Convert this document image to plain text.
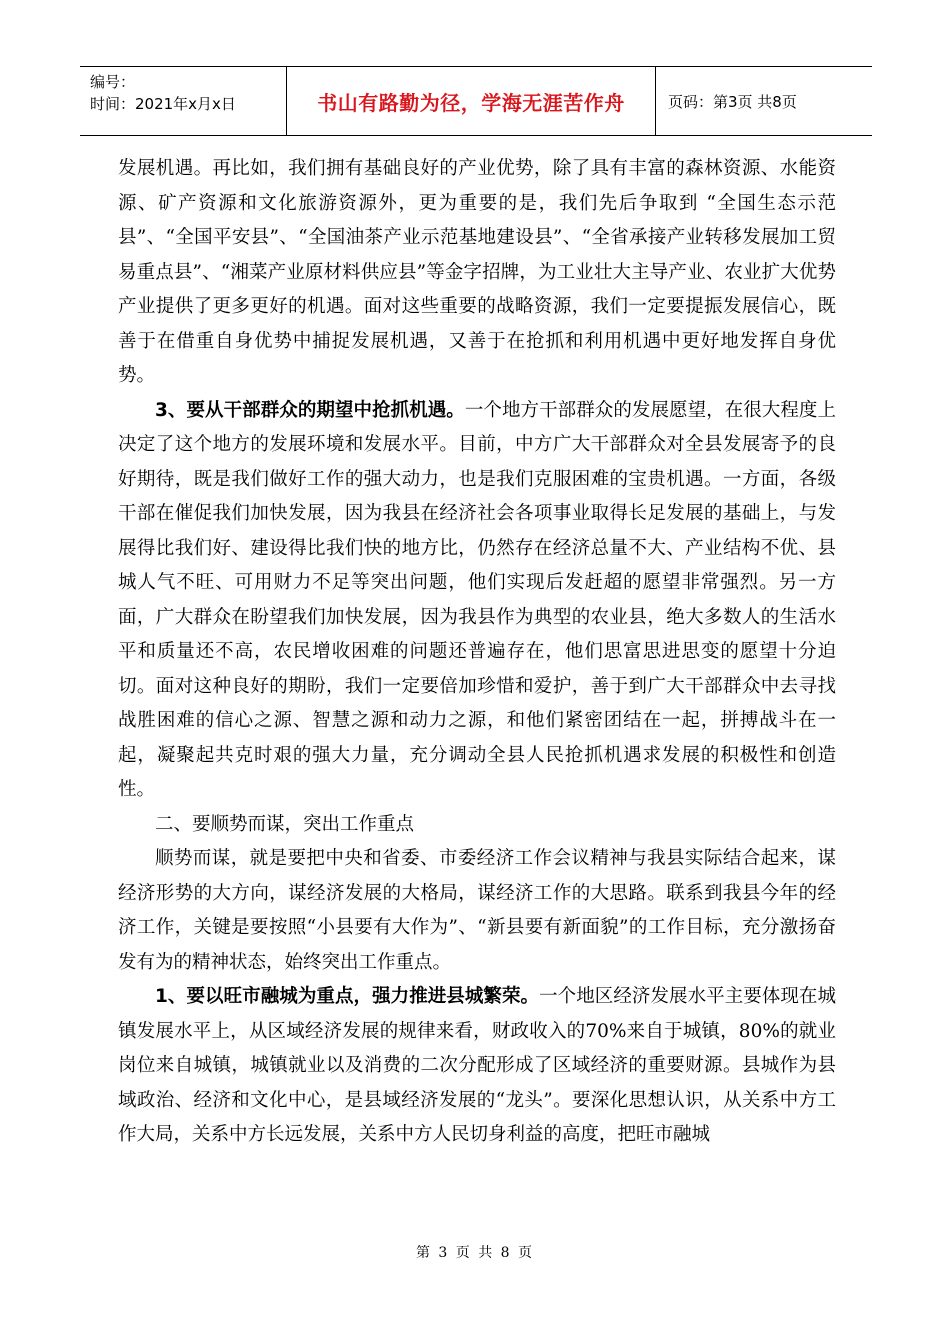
编号：
时间：2021年x月x日	书山有路勤为径，学海无涯苦作舟	页码：第3页 共8页

发展机遇。再比如，我们拥有基础良好的产业优势，除了具有丰富的森林资源、水能资源、矿产资源和文化旅游资源外，更为重要的是，我们先后争取到 “全国生态示范县”、“全国平安县”、“全国油茶产业示范基地建设县”、“全省承接产业转移发展加工贸易重点县”、“湘菜产业原材料供应县”等金字招牌，为工业壮大主导产业、农业扩大优势产业提供了更多更好的机遇。面对这些重要的战略资源，我们一定要提振发展信心，既善于在借重自身优势中捕捉发展机遇，又善于在抢抓和利用机遇中更好地发挥自身优势。

3、要从干部群众的期望中抢抓机遇。一个地方干部群众的发展愿望，在很大程度上决定了这个地方的发展环境和发展水平。目前，中方广大干部群众对全县发展寄予的良好期待，既是我们做好工作的强大动力，也是我们克服困难的宝贵机遇。一方面，各级干部在催促我们加快发展，因为我县在经济社会各项事业取得长足发展的基础上，与发展得比我们好、建设得比我们快的地方比，仍然存在经济总量不大、产业结构不优、县城人气不旺、可用财力不足等突出问题，他们实现后发赶超的愿望非常强烈。另一方面，广大群众在盼望我们加快发展，因为我县作为典型的农业县，绝大多数人的生活水平和质量还不高，农民增收困难的问题还普遍存在，他们思富思进思变的愿望十分迫切。面对这种良好的期盼，我们一定要倍加珍惜和爱护，善于到广大干部群众中去寻找战胜困难的信心之源、智慧之源和动力之源，和他们紧密团结在一起，拼搏战斗在一起，凝聚起共克时艰的强大力量，充分调动全县人民抢抓机遇求发展的积极性和创造性。

二、要顺势而谋，突出工作重点

顺势而谋，就是要把中央和省委、市委经济工作会议精神与我县实际结合起来，谋经济形势的大方向，谋经济发展的大格局，谋经济工作的大思路。联系到我县今年的经济工作，关键是要按照“小县要有大作为”、“新县要有新面貌”的工作目标，充分激扬奋发有为的精神状态，始终突出工作重点。

1、要以旺市融城为重点，强力推进县城繁荣。一个地区经济发展水平主要体现在城镇发展水平上，从区域经济发展的规律来看，财政收入的70%来自于城镇，80%的就业岗位来自城镇，城镇就业以及消费的二次分配形成了区域经济的重要财源。县城作为县域政治、经济和文化中心，是县域经济发展的“龙头”。要深化思想认识，从关系中方工作大局，关系中方长远发展，关系中方人民切身利益的高度，把旺市融城

第 3 页 共 8 页
